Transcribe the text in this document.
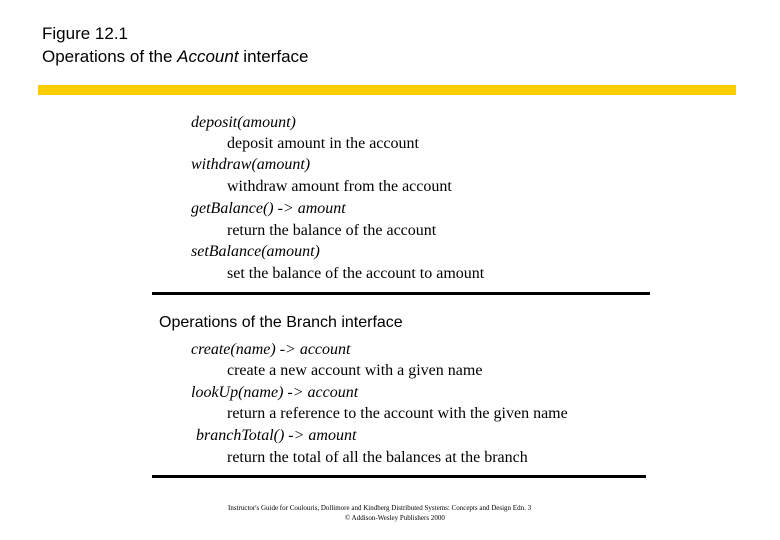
Figure 12.1
Operations of the Account interface
deposit(amount)
deposit amount in the account
withdraw(amount)
withdraw amount from the account
getBalance() -> amount
return the balance of the account
setBalance(amount)
set the balance of the account to amount
Operations of the Branch interface
create(name) -> account
create a new account with a given name
lookUp(name) -> account
return a reference to the account with the given name
branchTotal() -> amount
return the total of all the balances at the branch
Instructor's Guide for Coulouris, Dollimore and Kindberg Distributed Systems: Concepts and Design Edn. 3
© Addison-Wesley Publishers 2000
